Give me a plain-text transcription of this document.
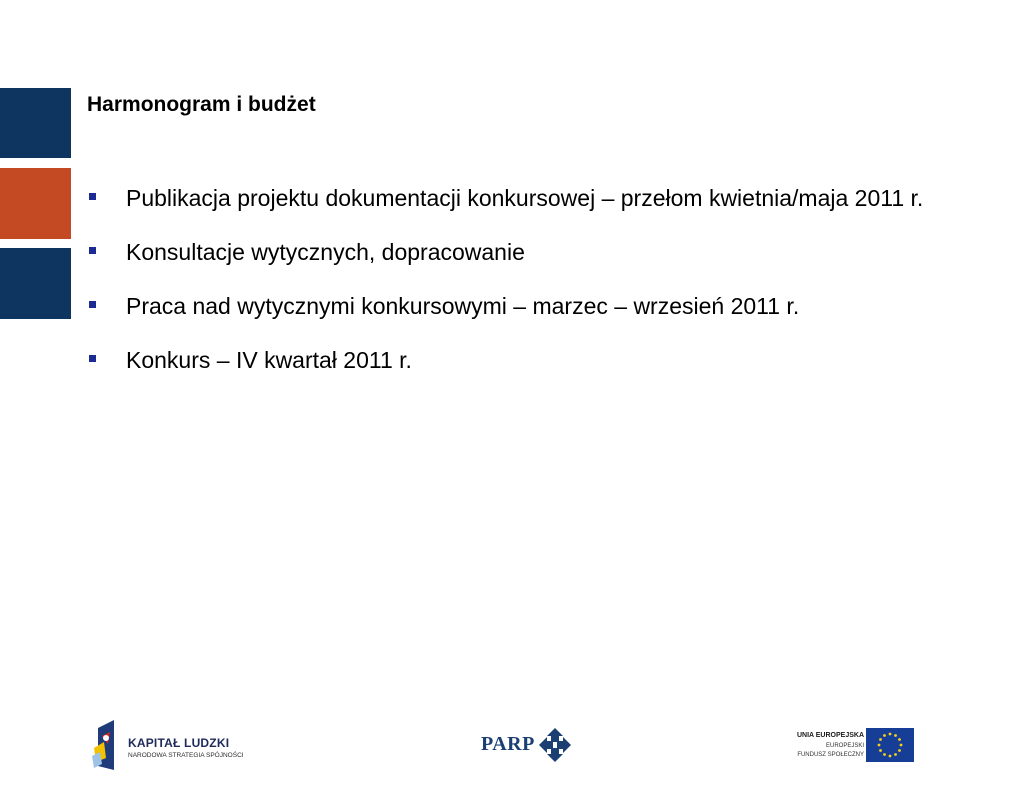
Harmonogram i budżet
Publikacja projektu dokumentacji konkursowej – przełom kwietnia/maja 2011 r.
Konsultacje wytycznych, dopracowanie
Praca nad wytycznymi konkursowymi – marzec – wrzesień 2011 r.
Konkurs – IV kwartał 2011 r.
KAPITAŁ LUDZKI
NARODOWA STRATEGIA SPÓJNOŚCI
PARP	UNIA EUROPEJSKA
EUROPEJSKI
FUNDUSZ SPOŁECZNY
